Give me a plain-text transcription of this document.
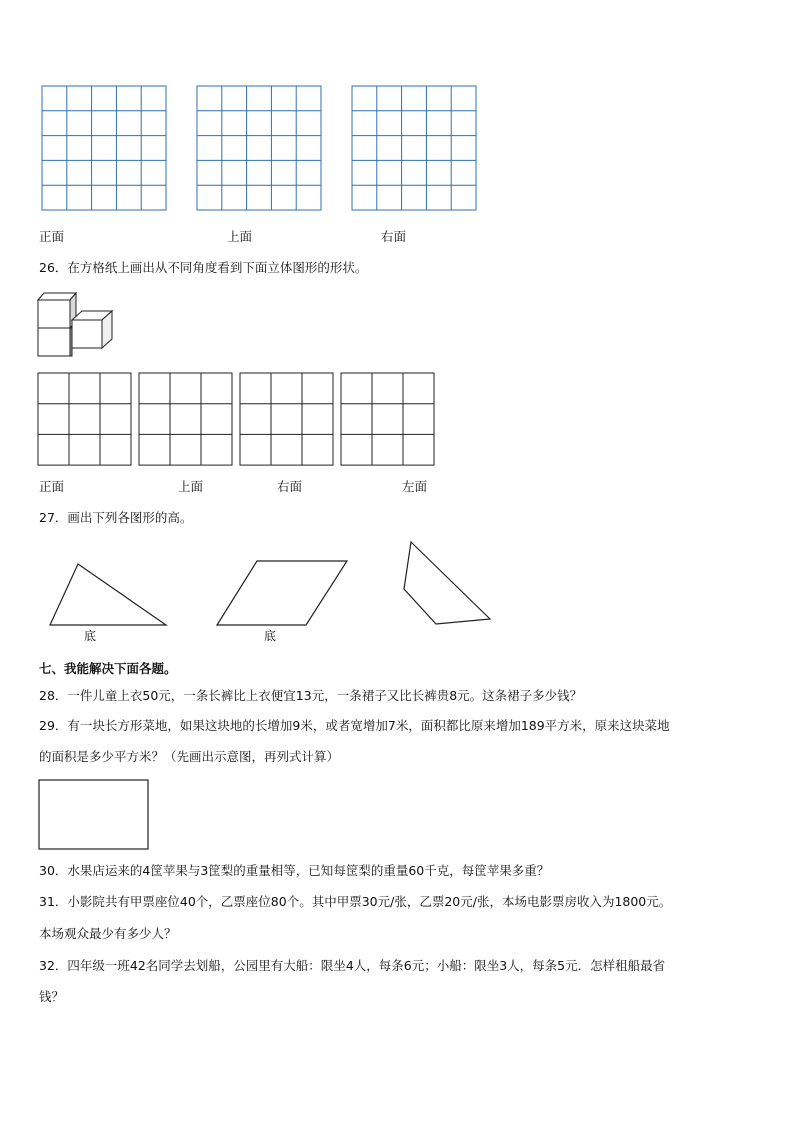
正面	上面	右面
26．在方格纸上画出从不同角度看到下面立体图形的形状。
正面	上面	右面	左面
27．画出下列各图形的高。
底	底
七、我能解决下面各题。
28．一件儿童上衣50元，一条长裤比上衣便宜13元，一条裙子又比长裤贵8元。这条裙子多少钱？
29．有一块长方形菜地，如果这块地的长增加9米，或者宽增加7米，面积都比原来增加189平方米，原来这块菜地
的面积是多少平方米？（先画出示意图，再列式计算）
30．水果店运来的4筐苹果与3筐梨的重量相等，已知每筐梨的重量60千克，每筐苹果多重？
31．小影院共有甲票座位40个，乙票座位80个。其中甲票30元/张，乙票20元/张，本场电影票房收入为1800元。
本场观众最少有多少人？
32．四年级一班42名同学去划船，公园里有大船：限坐4人，每条6元；小船：限坐3人，每条5元．怎样租船最省
钱？
